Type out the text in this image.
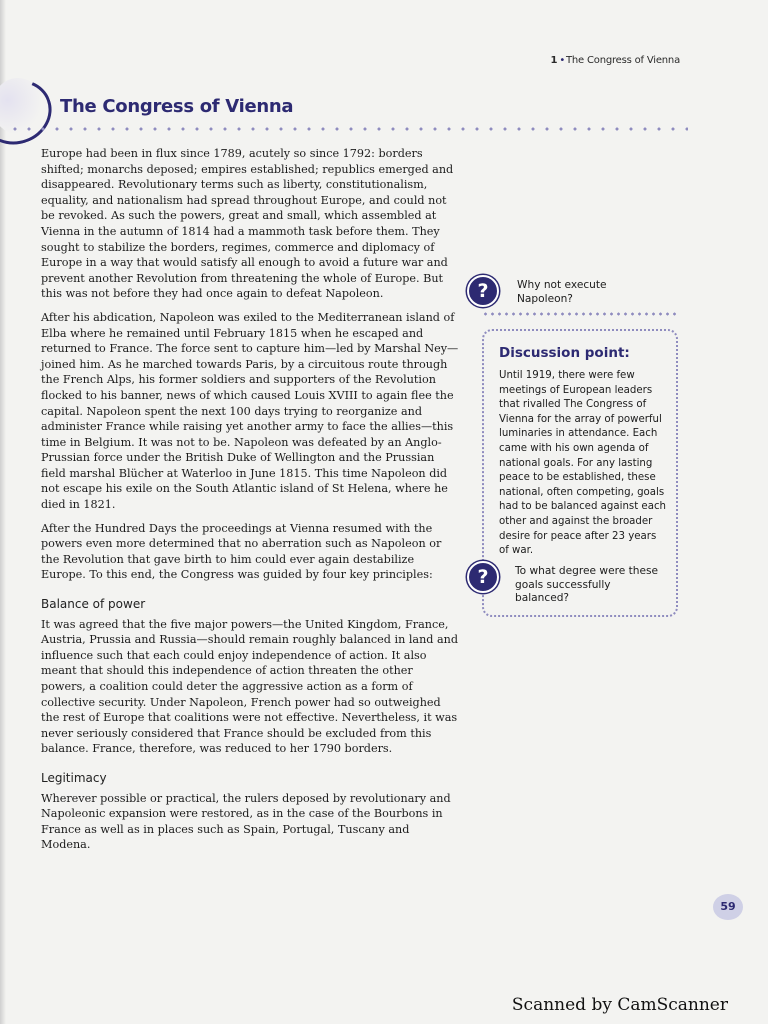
1 •The Congress of Vienna
The Congress of Vienna

Europe had been in flux since 1789, acutely so since 1792: borders shifted; monarchs deposed; empires established; republics emerged and disappeared. Revolutionary terms such as liberty, constitutionalism, equality, and nationalism had spread throughout Europe, and could not be revoked. As such the powers, great and small, which assembled at Vienna in the autumn of 1814 had a mammoth task before them. They sought to stabilize the borders, regimes, commerce and diplomacy of Europe in a way that would satisfy all enough to avoid a future war and prevent another Revolution from threatening the whole of Europe. But this was not before they had once again to defeat Napoleon.

After his abdication, Napoleon was exiled to the Mediterranean island of Elba where he remained until February 1815 when he escaped and returned to France. The force sent to capture him—led by Marshal Ney—joined him. As he marched towards Paris, by a circuitous route through the French Alps, his former soldiers and supporters of the Revolution flocked to his banner, news of which caused Louis XVIII to again flee the capital. Napoleon spent the next 100 days trying to reorganize and administer France while raising yet another army to face the allies—this time in Belgium. It was not to be. Napoleon was defeated by an Anglo-Prussian force under the British Duke of Wellington and the Prussian field marshal Blücher at Waterloo in June 1815. This time Napoleon did not escape his exile on the South Atlantic island of St Helena, where he died in 1821.

After the Hundred Days the proceedings at Vienna resumed with the powers even more determined that no aberration such as Napoleon or the Revolution that gave birth to him could ever again destabilize Europe. To this end, the Congress was guided by four key principles:

Balance of power

It was agreed that the five major powers—the United Kingdom, France, Austria, Prussia and Russia—should remain roughly balanced in land and influence such that each could enjoy independence of action. It also meant that should this independence of action threaten the other powers, a coalition could deter the aggressive action as a form of collective security. Under Napoleon, French power had so outweighed the rest of Europe that coalitions were not effective. Nevertheless, it was never seriously considered that France should be excluded from this balance. France, therefore, was reduced to her 1790 borders.

Legitimacy

Wherever possible or practical, the rulers deposed by revolutionary and Napoleonic expansion were restored, as in the case of the Bourbons in France as well as in places such as Spain, Portugal, Tuscany and Modena.

?	Why not execute Napoleon?
Discussion point:

Until 1919, there were few meetings of European leaders that rivalled The Congress of Vienna for the array of powerful luminaries in attendance. Each came with his own agenda of national goals. For any lasting peace to be established, these national, often competing, goals had to be balanced against each other and against the broader desire for peace after 23 years of war.

?	To what degree were these goals successfully balanced?
59
Scanned by CamScanner
